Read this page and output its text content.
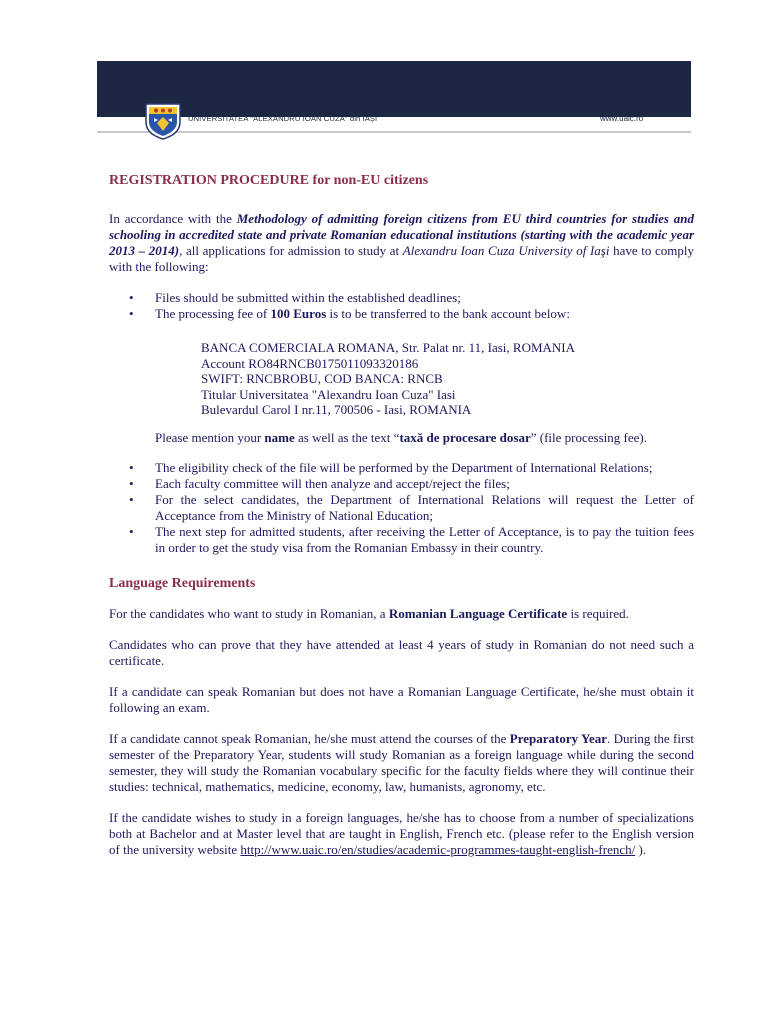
UNIVERSITATEA "ALEXANDRU IOAN CUZA" din IAȘI	www.uaic.ro
REGISTRATION PROCEDURE for non-EU citizens

In accordance with the Methodology of admitting foreign citizens from EU third countries for studies and schooling in accredited state and private Romanian educational institutions (starting with the academic year 2013 – 2014), all applications for admission to study at Alexandru Ioan Cuza University of Iaşi have to comply with the following:

• Files should be submitted within the established deadlines;
• The processing fee of 100 Euros is to be transferred to the bank account below:
BANCA COMERCIALA ROMANA, Str. Palat nr. 11, Iasi, ROMANIA
Account RO84RNCB0175011093320186
SWIFT: RNCBROBU, COD BANCA: RNCB
Titular Universitatea "Alexandru Ioan Cuza" Iasi
Bulevardul Carol I nr.11, 700506 - Iasi, ROMANIA
Please mention your name as well as the text “taxă de procesare dosar” (file processing fee).
• The eligibility check of the file will be performed by the Department of International Relations;
• Each faculty committee will then analyze and accept/reject the files;
• For the select candidates, the Department of International Relations will request the Letter of Acceptance from the Ministry of National Education;
• The next step for admitted students, after receiving the Letter of Acceptance, is to pay the tuition fees in order to get the study visa from the Romanian Embassy in their country.
Language Requirements

For the candidates who want to study in Romanian, a Romanian Language Certificate is required.

Candidates who can prove that they have attended at least 4 years of study in Romanian do not need such a certificate.

If a candidate can speak Romanian but does not have a Romanian Language Certificate, he/she must obtain it following an exam.

If a candidate cannot speak Romanian, he/she must attend the courses of the Preparatory Year. During the first semester of the Preparatory Year, students will study Romanian as a foreign language while during the second semester, they will study the Romanian vocabulary specific for the faculty fields where they will continue their studies: technical, mathematics, medicine, economy, law, humanists, agronomy, etc.

If the candidate wishes to study in a foreign languages, he/she has to choose from a number of specializations both at Bachelor and at Master level that are taught in English, French etc. (please refer to the English version of the university website http://www.uaic.ro/en/studies/academic-programmes-taught-english-french/ ).
